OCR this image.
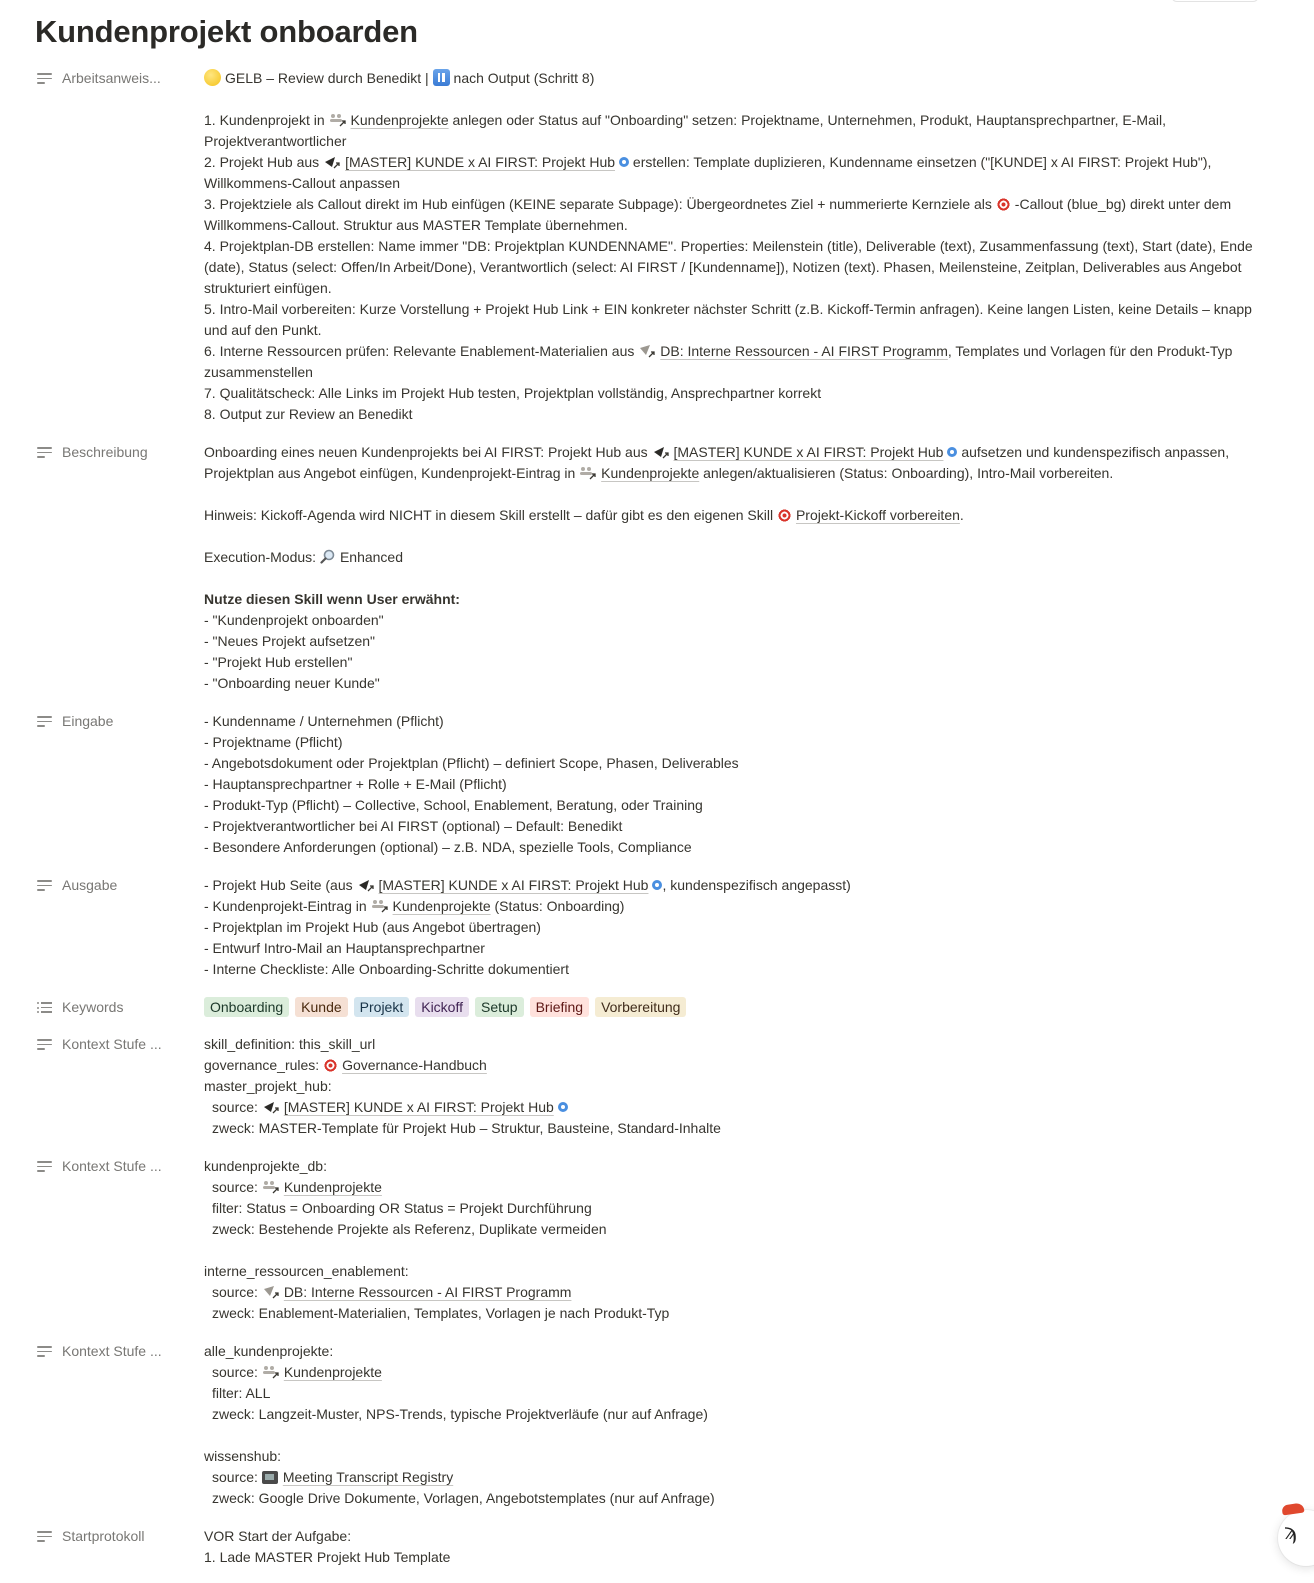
Kundenprojekt onboarden
Arbeitsanweis...	GELB – Review durch Benedikt | nach Output (Schritt 8)
1. Kundenprojekt in Kundenprojekte anlegen oder Status auf "Onboarding" setzen: Projektname, Unternehmen, Produkt, Hauptansprechpartner, E-Mail, Projektverantwortlicher
2. Projekt Hub aus [MASTER] KUNDE x AI FIRST: Projekt Hub erstellen: Template duplizieren, Kundenname einsetzen ("[KUNDE] x AI FIRST: Projekt Hub"), Willkommens-Callout anpassen
3. Projektziele als Callout direkt im Hub einfügen (KEINE separate Subpage): Übergeordnetes Ziel + nummerierte Kernziele als -Callout (blue_bg) direkt unter dem Willkommens-Callout. Struktur aus MASTER Template übernehmen.
4. Projektplan-DB erstellen: Name immer "DB: Projektplan KUNDENNAME". Properties: Meilenstein (title), Deliverable (text), Zusammenfassung (text), Start (date), Ende (date), Status (select: Offen/In Arbeit/Done), Verantwortlich (select: AI FIRST / [Kundenname]), Notizen (text). Phasen, Meilensteine, Zeitplan, Deliverables aus Angebot strukturiert einfügen.
5. Intro-Mail vorbereiten: Kurze Vorstellung + Projekt Hub Link + EIN konkreter nächster Schritt (z.B. Kickoff-Termin anfragen). Keine langen Listen, keine Details – knapp und auf den Punkt.
6. Interne Ressourcen prüfen: Relevante Enablement-Materialien aus DB: Interne Ressourcen - AI FIRST Programm, Templates und Vorlagen für den Produkt-Typ zusammenstellen
7. Qualitätscheck: Alle Links im Projekt Hub testen, Projektplan vollständig, Ansprechpartner korrekt
8. Output zur Review an Benedikt
Beschreibung	Onboarding eines neuen Kundenprojekts bei AI FIRST: Projekt Hub aus [MASTER] KUNDE x AI FIRST: Projekt Hub aufsetzen und kundenspezifisch anpassen, Projektplan aus Angebot einfügen, Kundenprojekt-Eintrag in Kundenprojekte anlegen/aktualisieren (Status: Onboarding), Intro-Mail vorbereiten.
Hinweis: Kickoff-Agenda wird NICHT in diesem Skill erstellt – dafür gibt es den eigenen Skill Projekt-Kickoff vorbereiten.
Execution-Modus: Enhanced
Nutze diesen Skill wenn User erwähnt:
- "Kundenprojekt onboarden"
- "Neues Projekt aufsetzen"
- "Projekt Hub erstellen"
- "Onboarding neuer Kunde"
Eingabe	- Kundenname / Unternehmen (Pflicht)
- Projektname (Pflicht)
- Angebotsdokument oder Projektplan (Pflicht) – definiert Scope, Phasen, Deliverables
- Hauptansprechpartner + Rolle + E-Mail (Pflicht)
- Produkt-Typ (Pflicht) – Collective, School, Enablement, Beratung, oder Training
- Projektverantwortlicher bei AI FIRST (optional) – Default: Benedikt
- Besondere Anforderungen (optional) – z.B. NDA, spezielle Tools, Compliance
Ausgabe	- Projekt Hub Seite (aus [MASTER] KUNDE x AI FIRST: Projekt Hub , kundenspezifisch angepasst)
- Kundenprojekt-Eintrag in Kundenprojekte (Status: Onboarding)
- Projektplan im Projekt Hub (aus Angebot übertragen)
- Entwurf Intro-Mail an Hauptansprechpartner
- Interne Checkliste: Alle Onboarding-Schritte dokumentiert
Keywords	Onboarding	Kunde	Projekt	Kickoff	Setup	Briefing	Vorbereitung
Kontext Stufe ...	skill_definition: this_skill_url
governance_rules: Governance-Handbuch
master_projekt_hub:
source: [MASTER] KUNDE x AI FIRST: Projekt Hub
zweck: MASTER-Template für Projekt Hub – Struktur, Bausteine, Standard-Inhalte
Kontext Stufe ...	kundenprojekte_db:
source: Kundenprojekte
filter: Status = Onboarding OR Status = Projekt Durchführung
zweck: Bestehende Projekte als Referenz, Duplikate vermeiden
interne_ressourcen_enablement:
source: DB: Interne Ressourcen - AI FIRST Programm
zweck: Enablement-Materialien, Templates, Vorlagen je nach Produkt-Typ
Kontext Stufe ...	alle_kundenprojekte:
source: Kundenprojekte
filter: ALL
zweck: Langzeit-Muster, NPS-Trends, typische Projektverläufe (nur auf Anfrage)
wissenshub:
source: Meeting Transcript Registry
zweck: Google Drive Dokumente, Vorlagen, Angebotstemplates (nur auf Anfrage)
Startprotokoll	VOR Start der Aufgabe:
1. Lade MASTER Projekt Hub Template
ϡ
